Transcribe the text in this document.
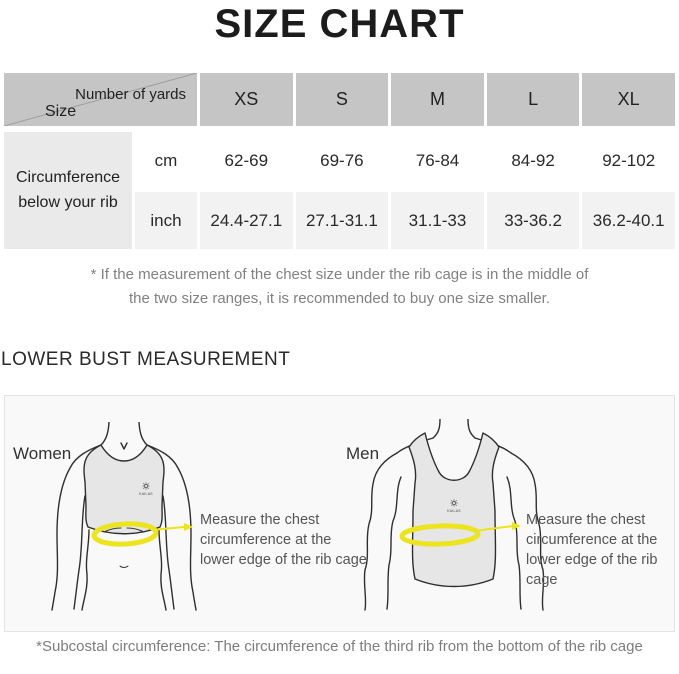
SIZE CHART
Number of yards
Size
XS	S	M	L	XL
Circumference below your rib
cm	62-69	69-76	76-84	84-92	92-102
inch	24.4-27.1	27.1-31.1	31.1-33	33-36.2	36.2-40.1

* If the measurement of the chest size under the rib cage is in the middle of
the two size ranges, it is recommended to buy one size smaller.

LOWER BUST MEASUREMENT
Women	Men
KAILAS
KAILAS
Measure the chest
circumference at the
lower edge of the rib cage
Measure the chest
circumference at the
lower edge of the rib cage

*Subcostal circumference: The circumference of the third rib from the bottom of the rib cage
